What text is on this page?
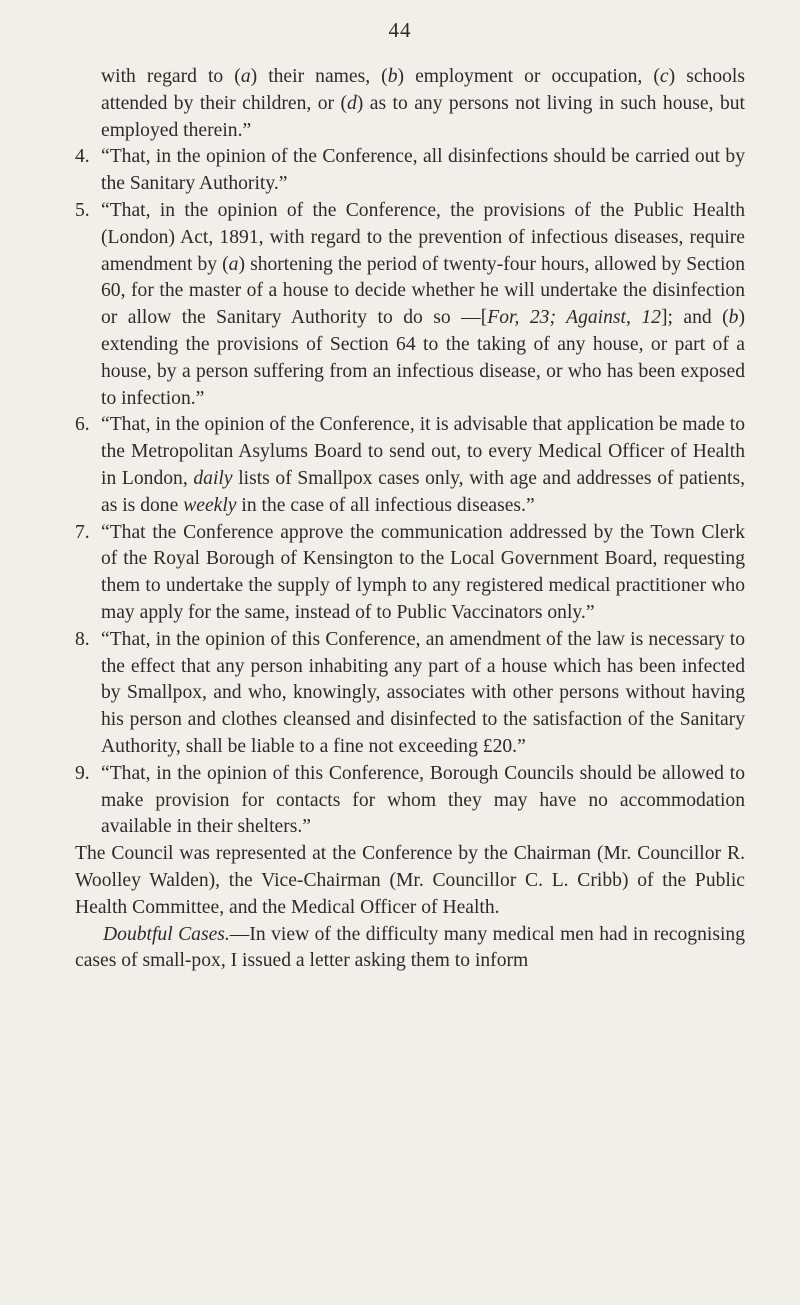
44

with regard to (a) their names, (b) employment or occupation, (c) schools attended by their children, or (d) as to any persons not living in such house, but employed therein.”

4. “That, in the opinion of the Conference, all disinfections should be carried out by the Sanitary Authority.”

5. “That, in the opinion of the Conference, the provisions of the Public Health (London) Act, 1891, with regard to the prevention of infectious diseases, require amendment by (a) shortening the period of twenty-four hours, allowed by Section 60, for the master of a house to decide whether he will undertake the disinfection or allow the Sanitary Authority to do so —[For, 23; Against, 12]; and (b) extending the provisions of Section 64 to the taking of any house, or part of a house, by a person suffering from an infectious disease, or who has been exposed to infection.”

6. “That, in the opinion of the Conference, it is advisable that application be made to the Metropolitan Asylums Board to send out, to every Medical Officer of Health in London, daily lists of Smallpox cases only, with age and addresses of patients, as is done weekly in the case of all infectious diseases.”

7. “That the Conference approve the communication addressed by the Town Clerk of the Royal Borough of Kensington to the Local Government Board, requesting them to undertake the supply of lymph to any registered medical practitioner who may apply for the same, instead of to Public Vaccinators only.”

8. “That, in the opinion of this Conference, an amendment of the law is necessary to the effect that any person inhabiting any part of a house which has been infected by Smallpox, and who, knowingly, associates with other persons without having his person and clothes cleansed and disinfected to the satisfaction of the Sanitary Authority, shall be liable to a fine not exceeding £20.”

9. “That, in the opinion of this Conference, Borough Councils should be allowed to make provision for contacts for whom they may have no accommodation available in their shelters.”

The Council was represented at the Conference by the Chairman (Mr. Councillor R. Woolley Walden), the Vice-Chairman (Mr. Councillor C. L. Cribb) of the Public Health Committee, and the Medical Officer of Health.

Doubtful Cases.—In view of the difficulty many medical men had in recognising cases of small-pox, I issued a letter asking them to inform
